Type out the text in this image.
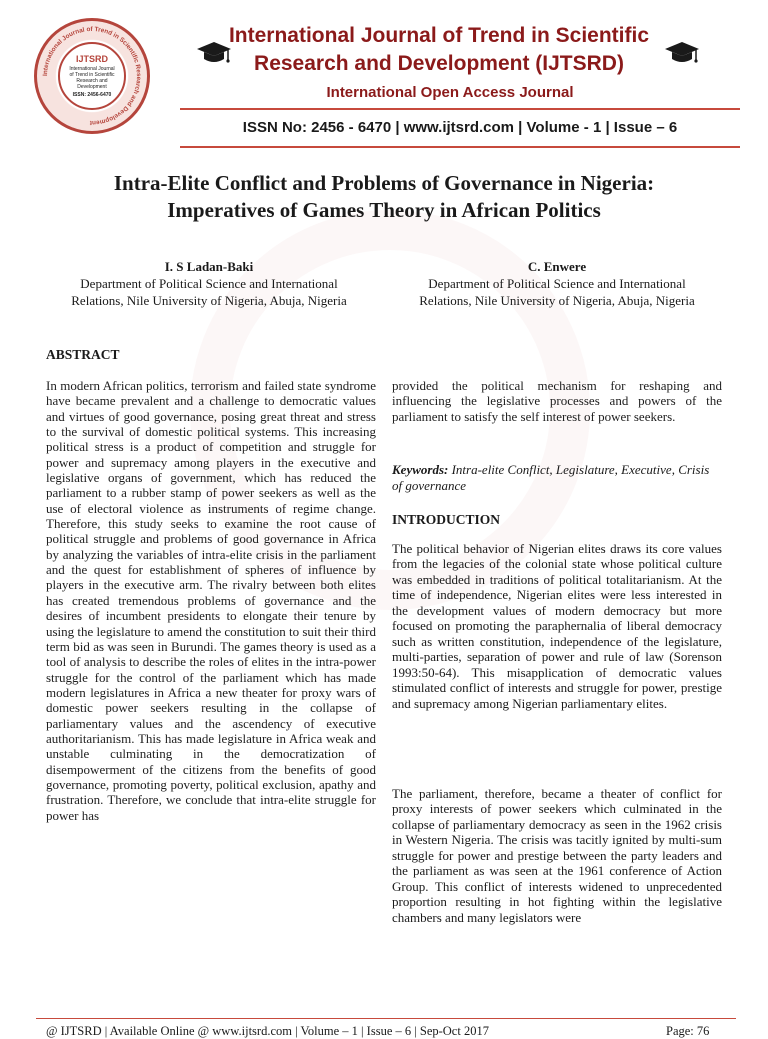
International Journal of Trend in Scientific Research and Development
IJTSRD
International Journal
of Trend in Scientific
Research and
Development
ISSN: 2456-6470
International Journal of Trend in Scientific
Research and Development (IJTSRD)
International Open Access Journal
ISSN No: 2456 - 6470 | www.ijtsrd.com | Volume - 1 | Issue – 6
Intra-Elite Conflict and Problems of Governance in Nigeria:
Imperatives of Games Theory in African Politics
I. S Ladan-Baki
Department of Political Science and International
Relations, Nile University of Nigeria, Abuja, Nigeria
C. Enwere
Department of Political Science and International
Relations, Nile University of Nigeria, Abuja, Nigeria
ABSTRACT
In modern African politics, terrorism and failed state syndrome have became prevalent and a challenge to democratic values and virtues of good governance, posing great threat and stress to the survival of domestic political systems. This increasing political stress is a product of competition and struggle for power and supremacy among players in the executive and legislative organs of government, which has reduced the parliament to a rubber stamp of power seekers as well as the use of electoral violence as instruments of regime change. Therefore, this study seeks to examine the root cause of political struggle and problems of good governance in Africa by analyzing the variables of intra-elite crisis in the parliament and the quest for establishment of spheres of influence by players in the executive arm. The rivalry between both elites has created tremendous problems of governance and the desires of incumbent presidents to elongate their tenure by using the legislature to amend the constitution to suit their third term bid as was seen in Burundi. The games theory is used as a tool of analysis to describe the roles of elites in the intra-power struggle for the control of the parliament which has made modern legislatures in Africa a new theater for proxy wars of domestic power seekers resulting in the collapse of parliamentary values and the ascendency of executive authoritarianism. This has made legislature in Africa weak and unstable culminating in the democratization of disempowerment of the citizens from the benefits of good governance, promoting poverty, political exclusion, apathy and frustration. Therefore, we conclude that intra-elite struggle for power has
provided the political mechanism for reshaping and influencing the legislative processes and powers of the parliament to satisfy the self interest of power seekers.
Keywords: Intra-elite Conflict, Legislature, Executive, Crisis of governance
INTRODUCTION
The political behavior of Nigerian elites draws its core values from the legacies of the colonial state whose political culture was embedded in traditions of political totalitarianism. At the time of independence, Nigerian elites were less interested in the development values of modern democracy but more focused on promoting the paraphernalia of liberal democracy such as written constitution, independence of the legislature, multi-parties, separation of power and rule of law (Sorenson 1993:50-64). This misapplication of democratic values stimulated conflict of interests and struggle for power, prestige and supremacy among Nigerian parliamentary elites.
The parliament, therefore, became a theater of conflict for proxy interests of power seekers which culminated in the collapse of parliamentary democracy as seen in the 1962 crisis in Western Nigeria. The crisis was tacitly ignited by multi-sum struggle for power and prestige between the party leaders and the parliament as was seen at the 1961 conference of Action Group. This conflict of interests widened to unprecedented proportion resulting in hot fighting within the legislative chambers and many legislators were
@ IJTSRD | Available Online @ www.ijtsrd.com | Volume – 1 | Issue – 6 | Sep-Oct 2017	Page: 76
